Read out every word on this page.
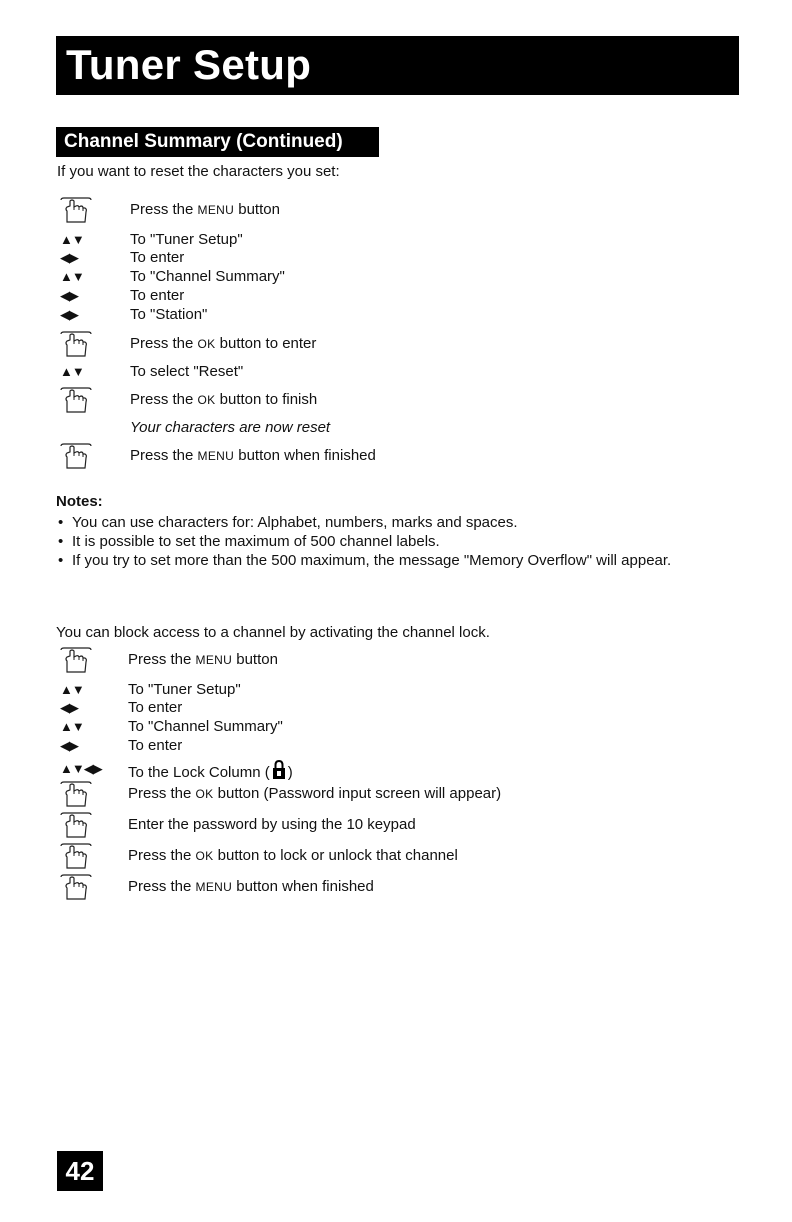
Tuner Setup
Channel Summary (Continued)
If you want to reset the characters you set:
Press the MENU button
▲▼	To "Tuner Setup"
◀▶	To enter
▲▼	To "Channel Summary"
◀▶	To enter
◀▶	To "Station"
Press the OK button to enter
▲▼	To select "Reset"
Press the OK button to finish
Your characters are now reset
Press the MENU button when finished
Notes:
• You can use characters for: Alphabet, numbers, marks and spaces.
• It is possible to set the maximum of 500 channel labels.
• If you try to set more than the 500 maximum, the message "Memory Overflow" will appear.
You can block access to a channel by activating the channel lock.
Press the MENU button
▲▼	To "Tuner Setup"
◀▶	To enter
▲▼	To "Channel Summary"
◀▶	To enter
▲▼◀▶ To the Lock Column ( )
Press the OK button (Password input screen will appear)
Enter the password by using the 10 keypad
Press the OK button to lock or unlock that channel
Press the MENU button when finished
42
